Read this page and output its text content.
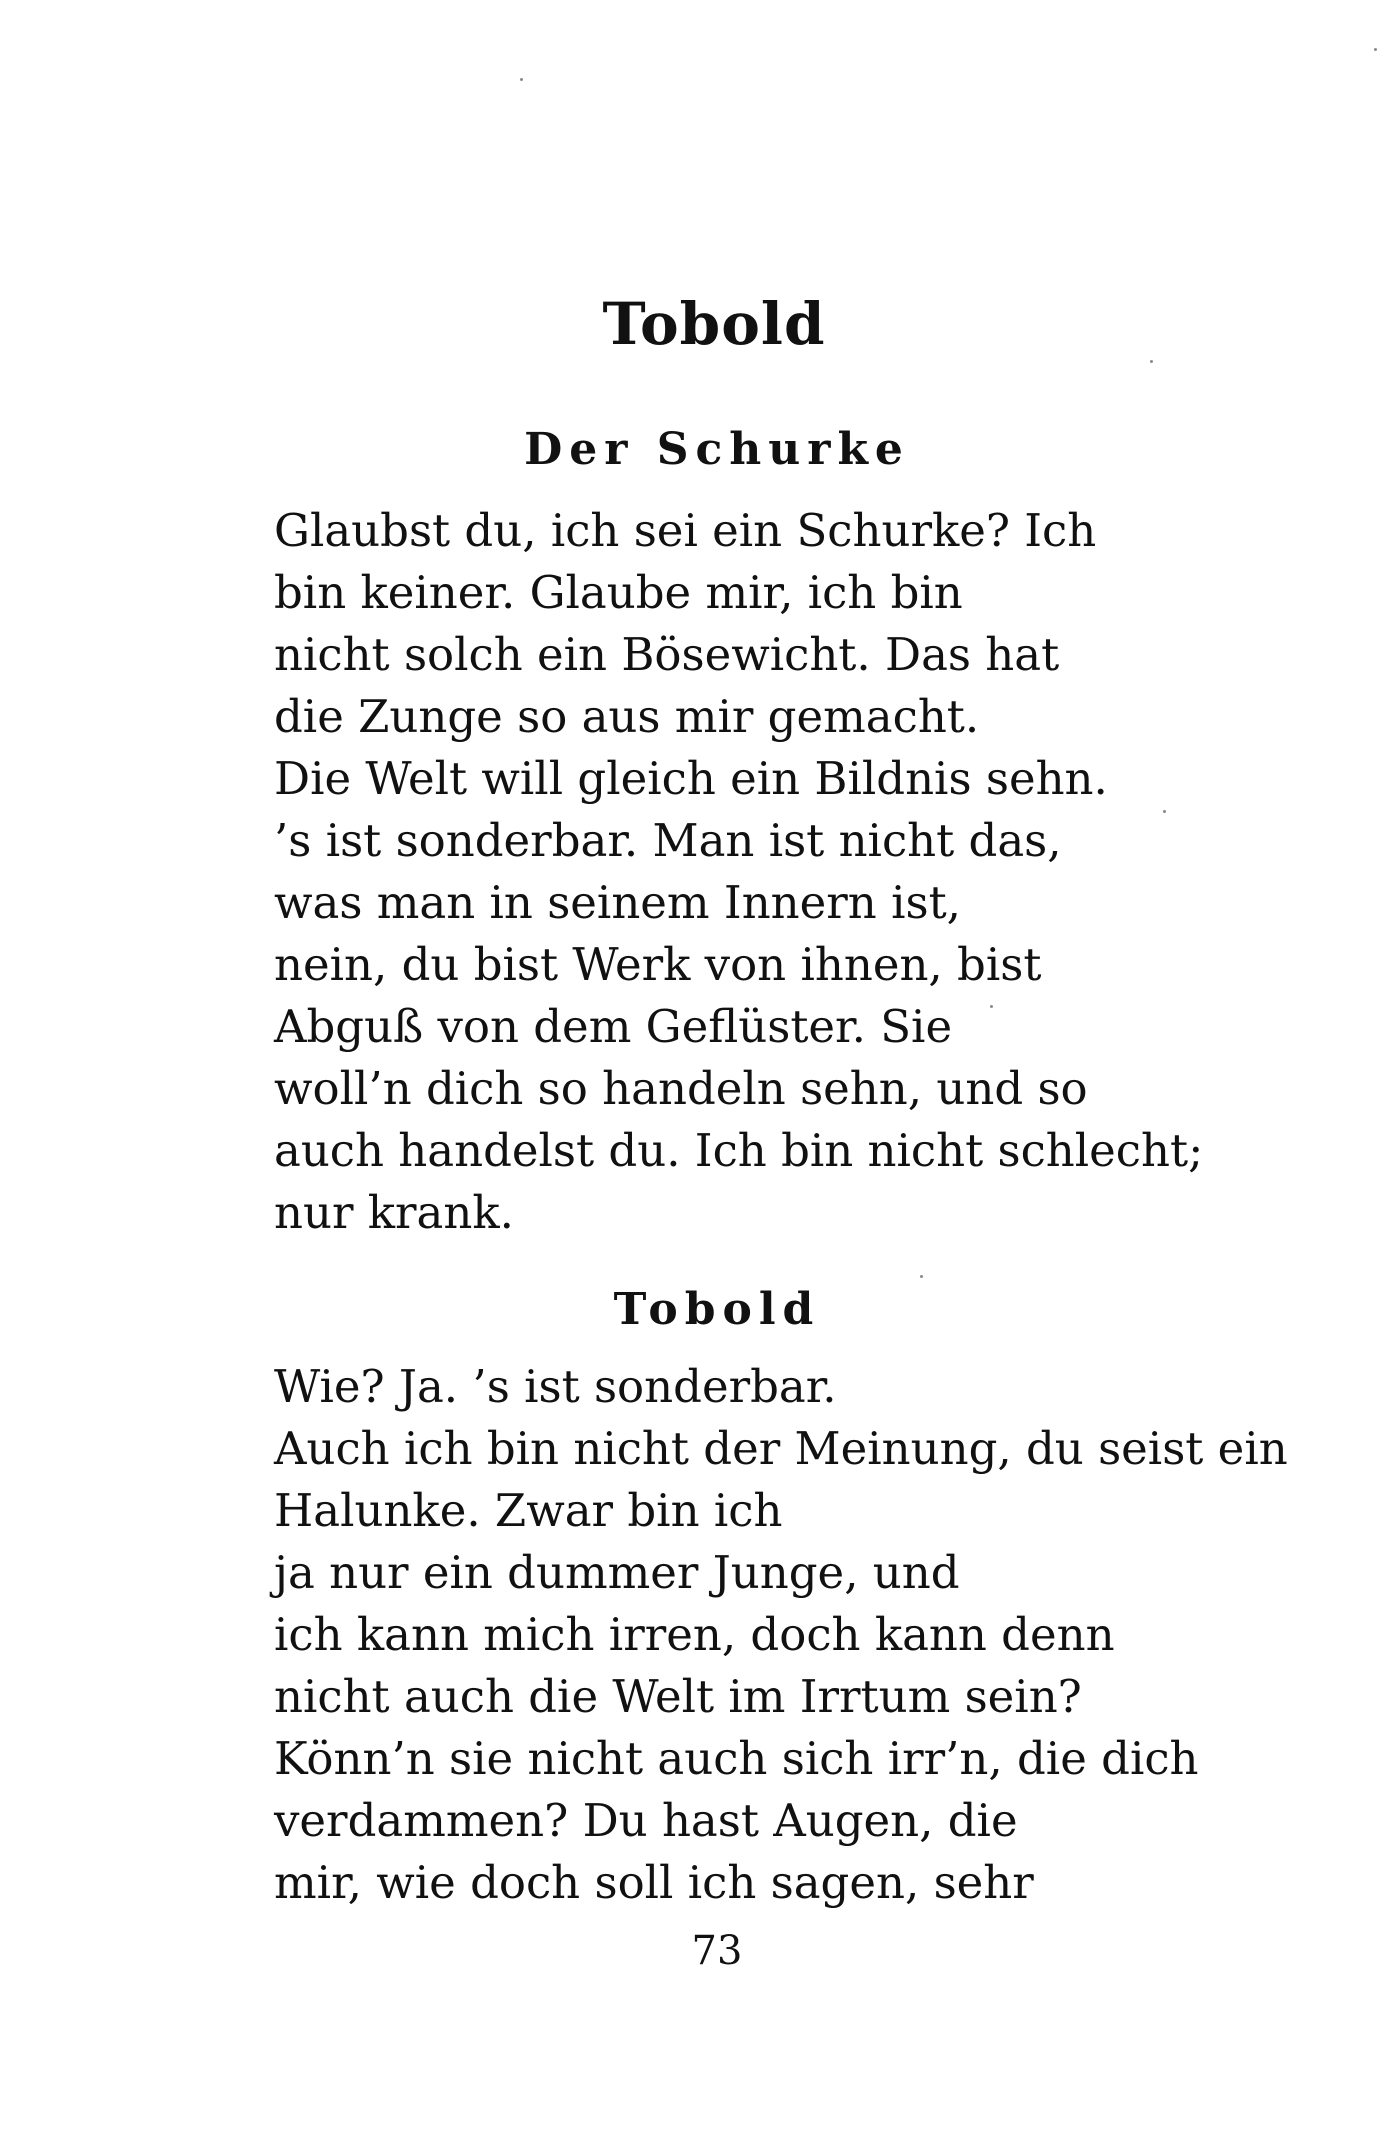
Tobold
Der Schurke
Glaubst du, ich sei ein Schurke? Ich
bin keiner. Glaube mir, ich bin
nicht solch ein Bösewicht. Das hat
die Zunge so aus mir gemacht.
Die Welt will gleich ein Bildnis sehn.
’s ist sonderbar. Man ist nicht das,
was man in seinem Innern ist,
nein, du bist Werk von ihnen, bist
Abguß von dem Geflüster. Sie
woll’n dich so handeln sehn, und so
auch handelst du. Ich bin nicht schlecht;
nur krank.
Tobold
Wie? Ja. ’s ist sonderbar.
Auch ich bin nicht der Meinung, du seist ein
Halunke. Zwar bin ich
ja nur ein dummer Junge, und
ich kann mich irren, doch kann denn
nicht auch die Welt im Irrtum sein?
Könn’n sie nicht auch sich irr’n, die dich
verdammen? Du hast Augen, die
mir, wie doch soll ich sagen, sehr
73
